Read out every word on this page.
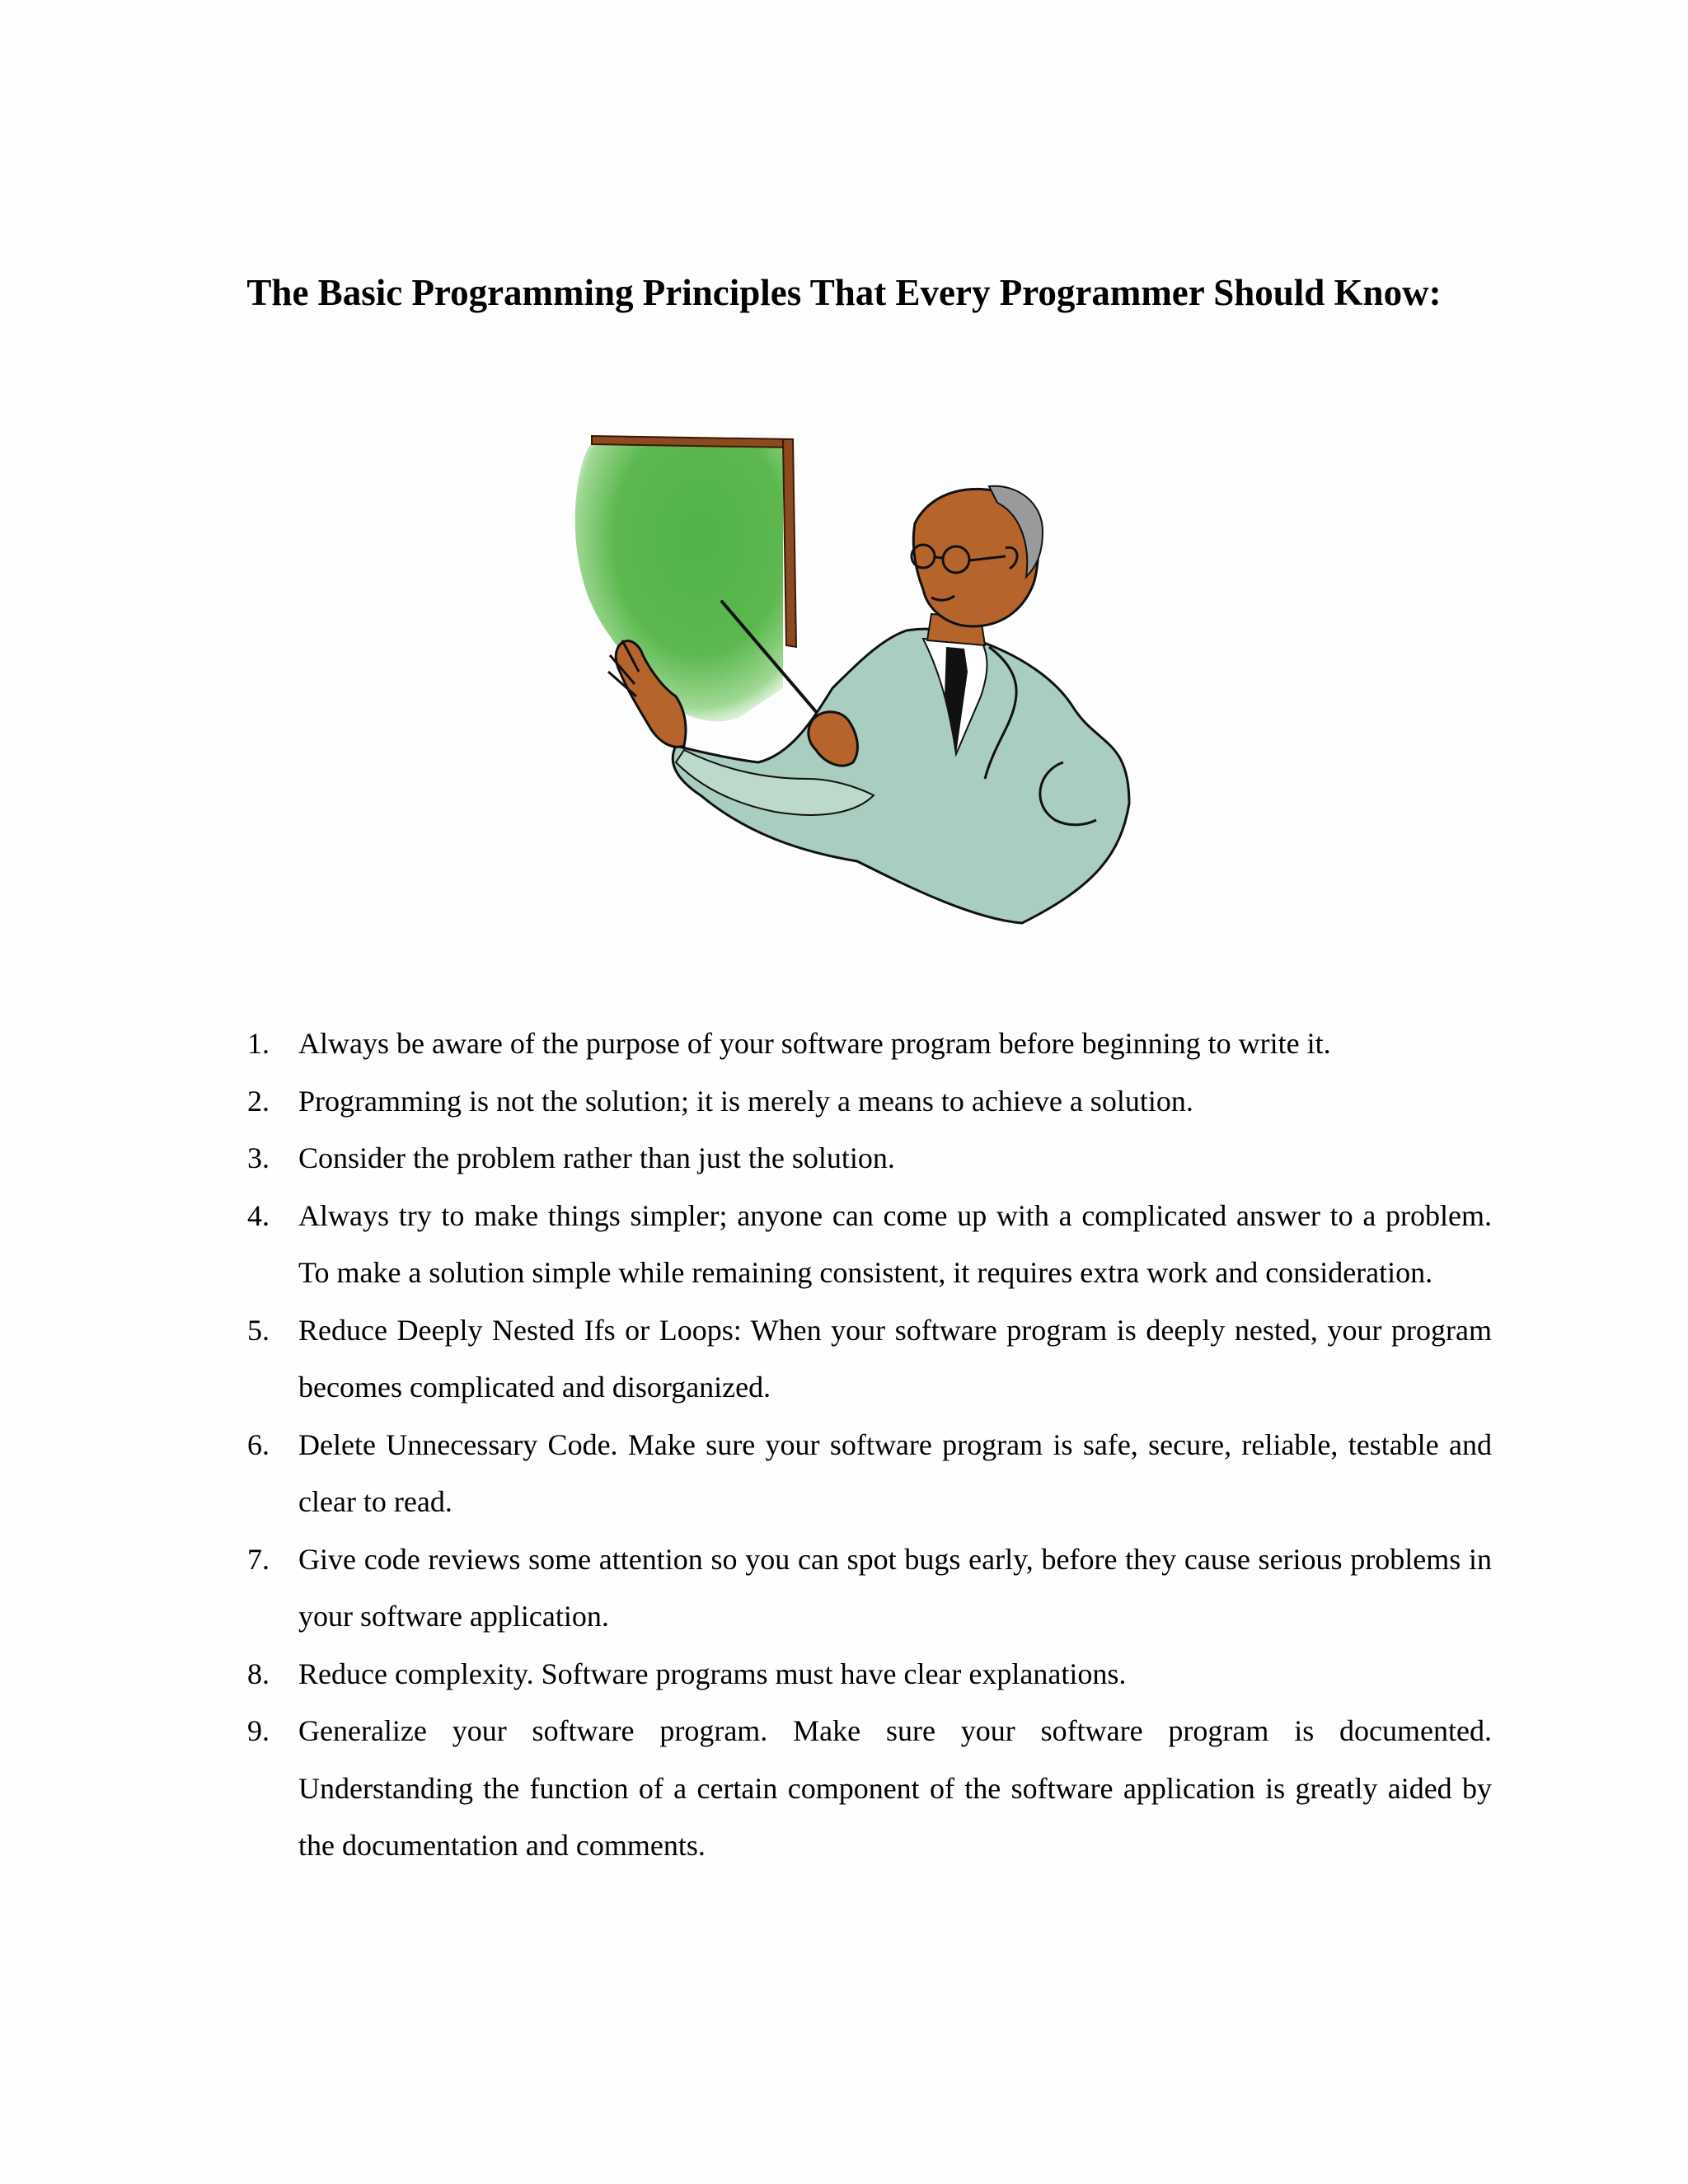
The Basic Programming Principles That Every Programmer Should Know:
1. Always be aware of the purpose of your software program before beginning to write it.
2. Programming is not the solution; it is merely a means to achieve a solution.
3. Consider the problem rather than just the solution.
4. Always try to make things simpler; anyone can come up with a complicated answer to a problem. To make a solution simple while remaining consistent, it requires extra work and consideration.
5. Reduce Deeply Nested Ifs or Loops: When your software program is deeply nested, your program becomes complicated and disorganized.
6. Delete Unnecessary Code. Make sure your software program is safe, secure, reliable, testable and clear to read.
7. Give code reviews some attention so you can spot bugs early, before they cause serious problems in your software application.
8. Reduce complexity. Software programs must have clear explanations.
9. Generalize your software program. Make sure your software program is documented. Understanding the function of a certain component of the software application is greatly aided by the documentation and comments.
